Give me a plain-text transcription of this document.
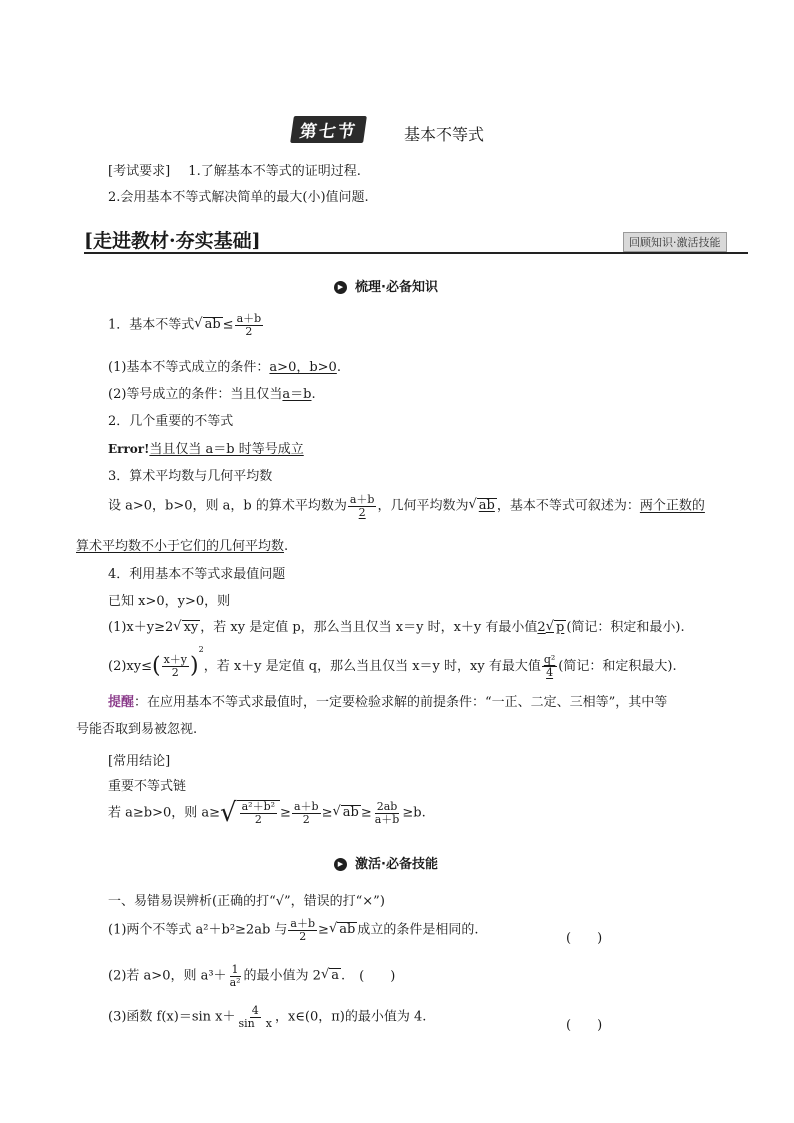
第七节	基本不等式
[考试要求] 1.了解基本不等式的证明过程.
2.会用基本不等式解决简单的最大(小)值问题.
[走进教材·夯实基础]	回顾知识·激活技能
▶ 梳理·必备知识
1．基本不等式 √ ab ≤ $\frac{a+b}{2}$
(1)基本不等式成立的条件：a>0，b>0.
(2)等号成立的条件：当且仅当a＝b.
2．几个重要的不等式
Error!当且仅当 a＝b 时等号成立
3．算术平均数与几何平均数
设 a>0，b>0，则 a，b 的算术平均数为 $\frac{a+b}{2}$ ，几何平均数为 √ ab ，基本不等式可叙述为：两个正数的
算术平均数不小于它们的几何平均数.
4．利用基本不等式求最值问题
已知 x>0，y>0，则
(1)x＋y≥2 √ xy ，若 xy 是定值 p，那么当且仅当 x＝y 时，x＋y 有最小值2 √ p (简记：积定和最小).
$(2)xy\le( \frac{x+y}{2} )^2$，若 x＋y 是定值 q，那么当且仅当 x＝y 时，xy 有最大值 $\frac{\text{q²}}{4}$ (简记：和定积最大).
提醒：在应用基本不等式求最值时，一定要检验求解的前提条件：“一正、二定、三相等”，其中等
号能否取到易被忽视.
[常用结论]
重要不等式链
若 a≥b>0，则 a≥ √ $\frac{\text{a²＋b²}}{2} \ge \frac{a+b}{2}$ ≥ √ ab ≥ $\frac{2ab}{a+b} \ge b$.
▶ 激活·必备技能
一、易错易误辨析(正确的打“√”，错误的打“×”)
(1)两个不等式 a²＋b²≥2ab 与 $\frac{a+b}{2}$ ≥ √ ab 成立的条件是相同的.
(　　)
(2)若 a>0，则 $a^3+ \frac{1}{\text{a²}}$ 的最小值为 2 √ a . (　　)
(3)函数 f(x)＝sin $x+ \frac{4}{\text{sin　x}}$ ，x∈(0，π)的最小值为 4.
(　　)
